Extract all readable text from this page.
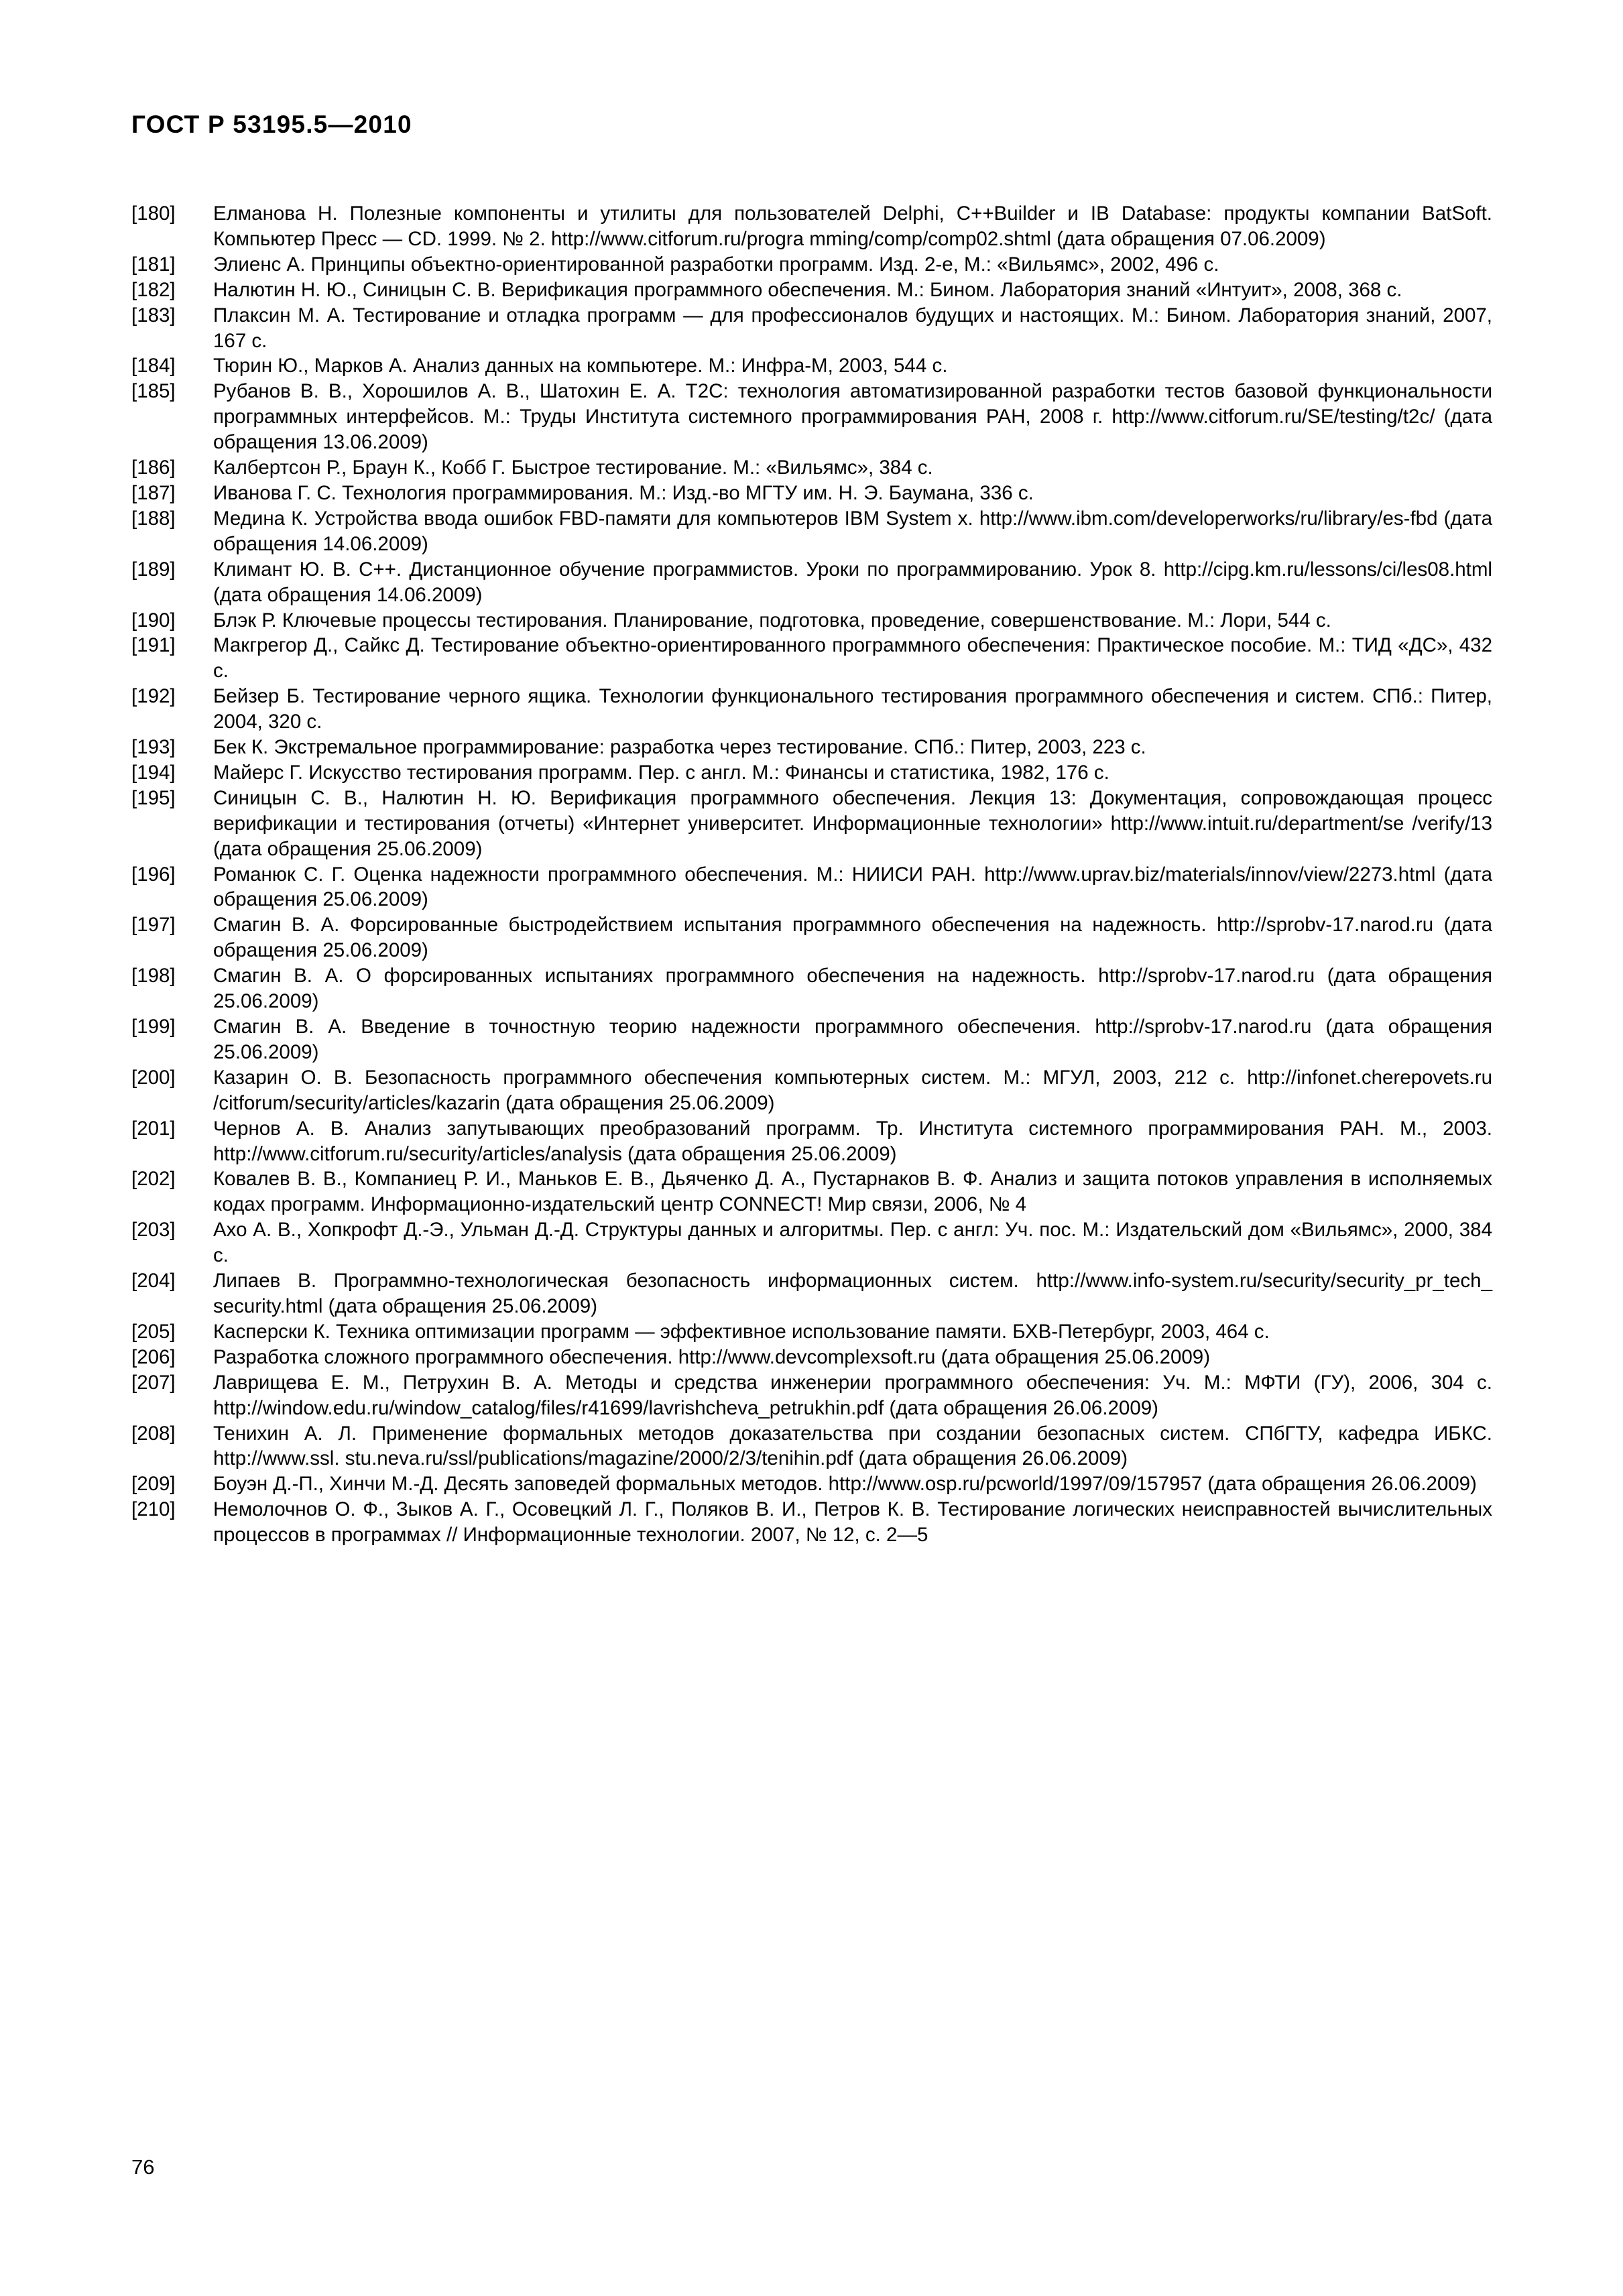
ГОСТ Р 53195.5—2010
[180]	Елманова Н. Полезные компоненты и утилиты для пользователей Delphi, C++Builder и IB Database: продукты компании BatSoft. Компьютер Пресс — CD. 1999. № 2. http://www.citforum.ru/progra mming/comp/comp02.shtml (дата обращения 07.06.2009)
[181]	Элиенс А. Принципы объектно-ориентированной разработки программ. Изд. 2-е, М.: «Вильямс», 2002, 496 с.
[182]	Налютин Н. Ю., Синицын С. В. Верификация программного обеспечения. М.: Бином. Лаборатория знаний «Интуит», 2008, 368 с.
[183]	Плаксин М. А. Тестирование и отладка программ — для профессионалов будущих и настоящих. М.: Бином. Лаборатория знаний, 2007, 167 с.
[184]	Тюрин Ю., Марков А. Анализ данных на компьютере. М.: Инфра-М, 2003, 544 с.
[185]	Рубанов В. В., Хорошилов А. В., Шатохин Е. А. T2C: технология автоматизированной разработки тестов базовой функциональности программных интерфейсов. М.: Труды Института системного программирования РАН, 2008 г. http://www.citforum.ru/SE/testing/t2c/ (дата обращения 13.06.2009)
[186]	Калбертсон Р., Браун К., Кобб Г. Быстрое тестирование. М.: «Вильямс», 384 с.
[187]	Иванова Г. С. Технология программирования. М.: Изд.-во МГТУ им. Н. Э. Баумана, 336 с.
[188]	Медина К. Устройства ввода ошибок FBD-памяти для компьютеров IBM System x. http://www.ibm.com/developerworks/ru/library/es-fbd (дата обращения 14.06.2009)
[189]	Климант Ю. В. С++. Дистанционное обучение программистов. Уроки по программированию. Урок 8. http://cipg.km.ru/lessons/ci/les08.html (дата обращения 14.06.2009)
[190]	Блэк Р. Ключевые процессы тестирования. Планирование, подготовка, проведение, совершенствование. М.: Лори, 544 с.
[191]	Макгрегор Д., Сайкс Д. Тестирование объектно-ориентированного программного обеспечения: Практическое пособие. М.: ТИД «ДС», 432 с.
[192]	Бейзер Б. Тестирование черного ящика. Технологии функционального тестирования программного обеспечения и систем. СПб.: Питер, 2004, 320 с.
[193]	Бек К. Экстремальное программирование: разработка через тестирование. СПб.: Питер, 2003, 223 с.
[194]	Майерс Г. Искусство тестирования программ. Пер. с англ. М.: Финансы и статистика, 1982, 176 с.
[195]	Синицын С. В., Налютин Н. Ю. Верификация программного обеспечения. Лекция 13: Документация, сопровождающая процесс верификации и тестирования (отчеты) «Интернет университет. Информационные технологии» http://www.intuit.ru/department/se /verify/13 (дата обращения 25.06.2009)
[196]	Романюк С. Г. Оценка надежности программного обеспечения. М.: НИИСИ РАН. http://www.uprav.biz/materials/innov/view/2273.html (дата обращения 25.06.2009)
[197]	Смагин В. А. Форсированные быстродействием испытания программного обеспечения на надежность. http://sprobv-17.narod.ru (дата обращения 25.06.2009)
[198]	Смагин В. А. О форсированных испытаниях программного обеспечения на надежность. http://sprobv-17.narod.ru (дата обращения 25.06.2009)
[199]	Смагин В. А. Введение в точностную теорию надежности программного обеспечения. http://sprobv-17.narod.ru (дата обращения 25.06.2009)
[200]	Казарин О. В. Безопасность программного обеспечения компьютерных систем. М.: МГУЛ, 2003, 212 с. http://infonet.cherepovets.ru /citforum/security/articles/kazarin (дата обращения 25.06.2009)
[201]	Чернов А. В. Анализ запутывающих преобразований программ. Тр. Института системного программирования РАН. М., 2003. http://www.citforum.ru/security/articles/analysis (дата обращения 25.06.2009)
[202]	Ковалев В. В., Компаниец Р. И., Маньков Е. В., Дьяченко Д. А., Пустарнаков В. Ф. Анализ и защита потоков управления в исполняемых кодах программ. Информационно-издательский центр CONNECT! Мир связи, 2006, № 4
[203]	Ахо А. В., Хопкрофт Д.-Э., Ульман Д.-Д. Структуры данных и алгоритмы. Пер. с англ: Уч. пос. М.: Издательский дом «Вильямс», 2000, 384 с.
[204]	Липаев В. Программно-технологическая безопасность информационных систем. http://www.info-system.ru/security/security_pr_tech_ security.html (дата обращения 25.06.2009)
[205]	Касперски К. Техника оптимизации программ — эффективное использование памяти. БХВ-Петербург, 2003, 464 с.
[206]	Разработка сложного программного обеспечения. http://www.devcomplexsoft.ru (дата обращения 25.06.2009)
[207]	Лаврищева Е. М., Петрухин В. А. Методы и средства инженерии программного обеспечения: Уч. М.: МФТИ (ГУ), 2006, 304 с. http://window.edu.ru/window_catalog/files/r41699/lavrishcheva_petrukhin.pdf (дата обращения 26.06.2009)
[208]	Тенихин А. Л. Применение формальных методов доказательства при создании безопасных систем. СПбГТУ, кафедра ИБКС. http://www.ssl. stu.neva.ru/ssl/publications/magazine/2000/2/3/tenihin.pdf (дата обращения 26.06.2009)
[209]	Боуэн Д.-П., Хинчи М.-Д. Десять заповедей формальных методов. http://www.osp.ru/pcworld/1997/09/157957 (дата обращения 26.06.2009)
[210]	Немолочнов О. Ф., Зыков А. Г., Осовецкий Л. Г., Поляков В. И., Петров К. В. Тестирование логических неисправностей вычислительных процессов в программах // Информационные технологии. 2007, № 12, с. 2—5
76
